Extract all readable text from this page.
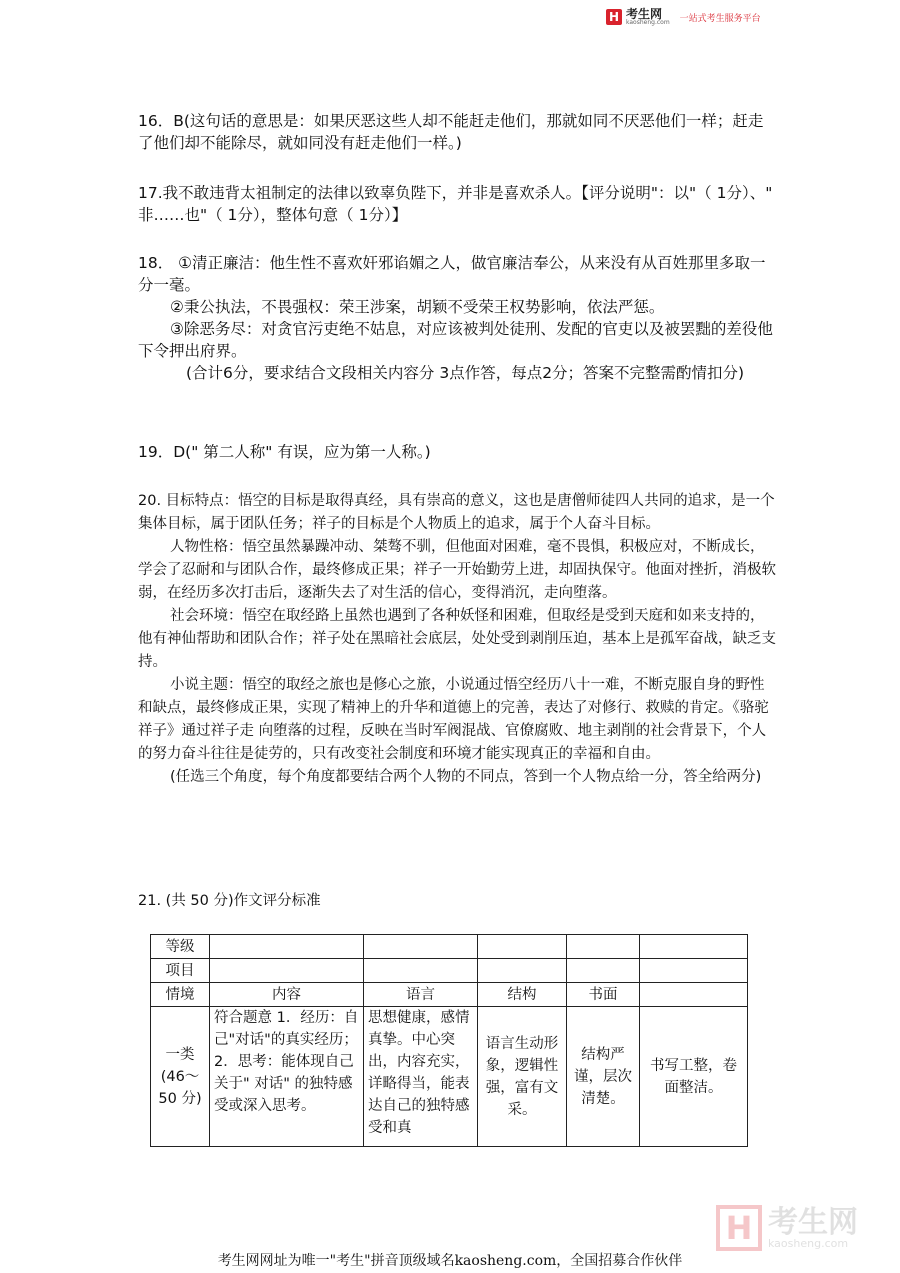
H 考生网
kaosheng.com 一站式考生服务平台

16．B(这句话的意思是：如果厌恶这些人却不能赶走他们，那就如同不厌恶他们一样；赶走了他们却不能除尽，就如同没有赶走他们一样。)

17.我不敢违背太祖制定的法律以致辜负陛下，并非是喜欢杀人。【评分说明"：以"（ 1分）、" 非……也"（ 1分），整体句意（ 1分）】

18． ①清正廉洁：他生性不喜欢奸邪谄媚之人，做官廉洁奉公，从来没有从百姓那里多取一分一毫。

②秉公执法，不畏强权：荣王涉案，胡颖不受荣王权势影响，依法严惩。

③除恶务尽：对贪官污吏绝不姑息，对应该被判处徒刑、发配的官吏以及被罢黜的差役他下令押出府界。

(合计6分，要求结合文段相关内容分 3点作答，每点2分；答案不完整需酌情扣分)

19．D(" 第二人称" 有误，应为第一人称。)

20. 目标特点：悟空的目标是取得真经，具有崇高的意义，这也是唐僧师徒四人共同的追求，是一个集体目标，属于团队任务；祥子的目标是个人物质上的追求，属于个人奋斗目标。

人物性格：悟空虽然暴躁冲动、桀骜不驯，但他面对困难，毫不畏惧，积极应对，不断成长，学会了忍耐和与团队合作，最终修成正果；祥子一开始勤劳上进，却固执保守。他面对挫折，消极软弱，在经历多次打击后，逐渐失去了对生活的信心，变得消沉，走向堕落。

社会环境：悟空在取经路上虽然也遇到了各种妖怪和困难，但取经是受到天庭和如来支持的，他有神仙帮助和团队合作；祥子处在黑暗社会底层，处处受到剥削压迫，基本上是孤军奋战，缺乏支持。

小说主题：悟空的取经之旅也是修心之旅，小说通过悟空经历八十一难，不断克服自身的野性和缺点，最终修成正果，实现了精神上的升华和道德上的完善，表达了对修行、救赎的肯定。《骆驼祥子》通过祥子走 向堕落的过程，反映在当时军阀混战、官僚腐败、地主剥削的社会背景下，个人的努力奋斗往往是徒劳的，只有改变社会制度和环境才能实现真正的幸福和自由。

(任选三个角度，每个角度都要结合两个人物的不同点，答到一个人物点给一分，答全给两分)

21. (共 50 分)作文评分标准

等级					
项目					
情境	内容	语言	结构	书面	
一类(46～50 分)	符合题意 1．经历：自己"对话"的真实经历；2．思考：能体现自己关于" 对话" 的独特感受或深入思考。	思想健康，感情真挚。中心突出，内容充实，详略得当，能表达自己的独特感受和真	语言生动形象，逻辑性强，富有文采。	结构严谨，层次清楚。	书写工整，卷面整洁。
H 考生网
kaosheng.com
考生网网址为唯一"考生"拼音顶级域名kaosheng.com，全国招募合作伙伴
